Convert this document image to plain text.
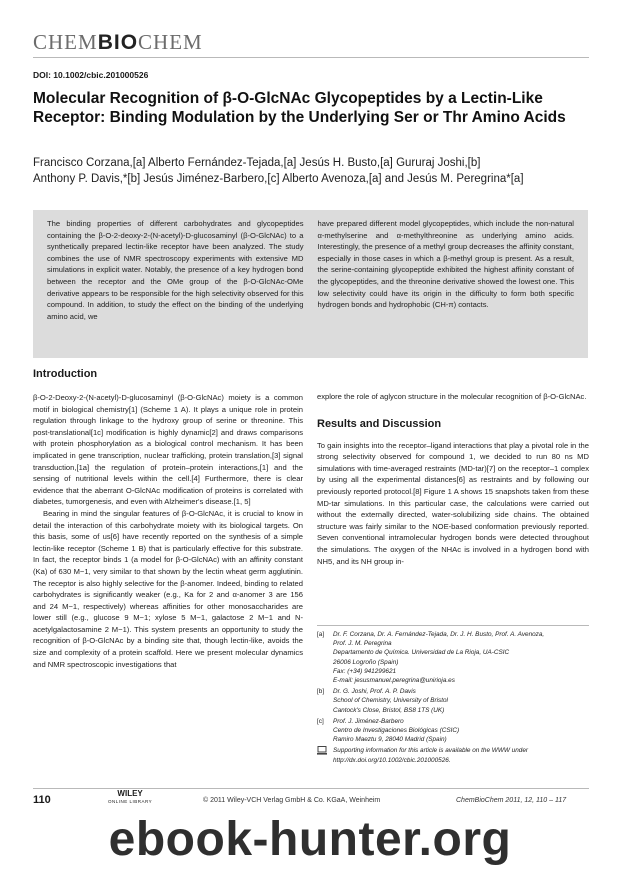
CHEMBIOCHEM
DOI: 10.1002/cbic.201000526
Molecular Recognition of β-O-GlcNAc Glycopeptides by a Lectin-Like Receptor: Binding Modulation by the Underlying Ser or Thr Amino Acids
Francisco Corzana,[a] Alberto Fernández-Tejada,[a] Jesús H. Busto,[a] Gururaj Joshi,[b]
Anthony P. Davis,*[b] Jesús Jiménez-Barbero,[c] Alberto Avenoza,[a] and Jesús M. Peregrina*[a]
The binding properties of different carbohydrates and glycopeptides containing the β-O-2-deoxy-2-(N-acetyl)-D-glucosaminyl (β-O-GlcNAc) to a synthetically prepared lectin-like receptor have been analyzed. The study combines the use of NMR spectroscopy experiments with extensive MD simulations in explicit water. Notably, the presence of a key hydrogen bond between the receptor and the OMe group of the β-O-GlcNAc-OMe derivative appears to be responsible for the high selectivity observed for this compound. In addition, to study the effect on the binding of the underlying amino acid, we
have prepared different model glycopeptides, which include the non-natural α-methylserine and α-methylthreonine as underlying amino acids. Interestingly, the presence of a methyl group decreases the affinity constant, especially in those cases in which a β-methyl group is present. As a result, the serine-containing glycopeptide exhibited the highest affinity constant of the glycopeptides, and the threonine derivative showed the lowest one. This low selectivity could have its origin in the difficulty to form both specific hydrogen bonds and hydrophobic (CH-π) contacts.
Introduction

β-O-2-Deoxy-2-(N-acetyl)-D-glucosaminyl (β-O-GlcNAc) moiety is a common motif in biological chemistry[1] (Scheme 1 A). It plays a unique role in protein regulation through linkage to the hydroxy group of serine or threonine. This post-translational[1c] modification is highly dynamic[2] and draws comparisons with protein phosphorylation as a biological control mechanism. It has been implicated in gene transcription, nuclear trafficking, protein translation,[3] signal transduction,[1a] the regulation of protein–protein interactions,[1] and the sensing of nutritional levels within the cell.[4] Furthermore, there is clear evidence that the aberrant O-GlcNAc modification of proteins is correlated with diabetes, tumorgenesis, and even with Alzheimer's disease.[1, 5]

Bearing in mind the singular features of β-O-GlcNAc, it is crucial to know in detail the interaction of this carbohydrate moiety with its biological targets. On this basis, some of us[6] have recently reported on the synthesis of a simple lectin-like receptor (Scheme 1 B) that is particularly effective for this substrate. In fact, the receptor binds 1 (a model for β-O-GlcNAc) with an affinity constant (Ka) of 630 M−1, very similar to that shown by the lectin wheat germ agglutinin. The receptor is also highly selective for the β-anomer. Indeed, binding to related carbohydrates is significantly weaker (e.g., Ka for 2 and α-anomer 3 are 156 and 24 M−1, respectively) whereas affinities for other monosaccharides are lower still (e.g., glucose 9 M−1; xylose 5 M−1, galactose 2 M−1 and N-acetylgalactosamine 2 M−1). This system presents an opportunity to study the recognition of β-O-GlcNAc by a binding site that, though lectin-like, avoids the size and complexity of a protein scaffold. Here we present molecular dynamics and NMR spectroscopic investigations that

explore the role of aglycon structure in the molecular recognition of β-O-GlcNAc.

Results and Discussion

To gain insights into the receptor–ligand interactions that play a pivotal role in the strong selectivity observed for compound 1, we decided to run 80 ns MD simulations with time-averaged restraints (MD-tar)[7] on the receptor–1 complex by using all the experimental distances[6] as restraints and by following our previously reported protocol.[8] Figure 1 A shows 15 snapshots taken from these MD-tar simulations. In this particular case, the calculations were carried out without the externally directed, water-solubilizing side chains. The obtained structure was fairly similar to the NOE-based conformation previously reported. Seven conventional intramolecular hydrogen bonds were detected throughout the simulations. The oxygen of the NHAc is involved in a hydrogen bond with NH5, and its NH group in-

[a]	Dr. F. Corzana, Dr. A. Fernández-Tejada, Dr. J. H. Busto, Prof. A. Avenoza,
Prof. J. M. Peregrina
Departamento de Química. Universidad de La Rioja, UA-CSIC
26006 Logroño (Spain)
Fax: (+34) 941299621
E-mail: jesusmanuel.peregrina@unirioja.es
[b]	Dr. G. Joshi, Prof. A. P. Davis
School of Chemistry, University of Bristol
Cantock's Close, Bristol, BS8 1TS (UK)
[c]	Prof. J. Jiménez-Barbero
Centro de Investigaciones Biológicas (CSIC)
Ramiro Maeztu 9, 28040 Madrid (Spain)
Supporting information for this article is available on the WWW under
http://dx.doi.org/10.1002/cbic.201000526.
110
WILEY
ONLINE LIBRARY	© 2011 Wiley-VCH Verlag GmbH & Co. KGaA, Weinheim	ChemBioChem 2011, 12, 110 – 117
ebook-hunter.org
